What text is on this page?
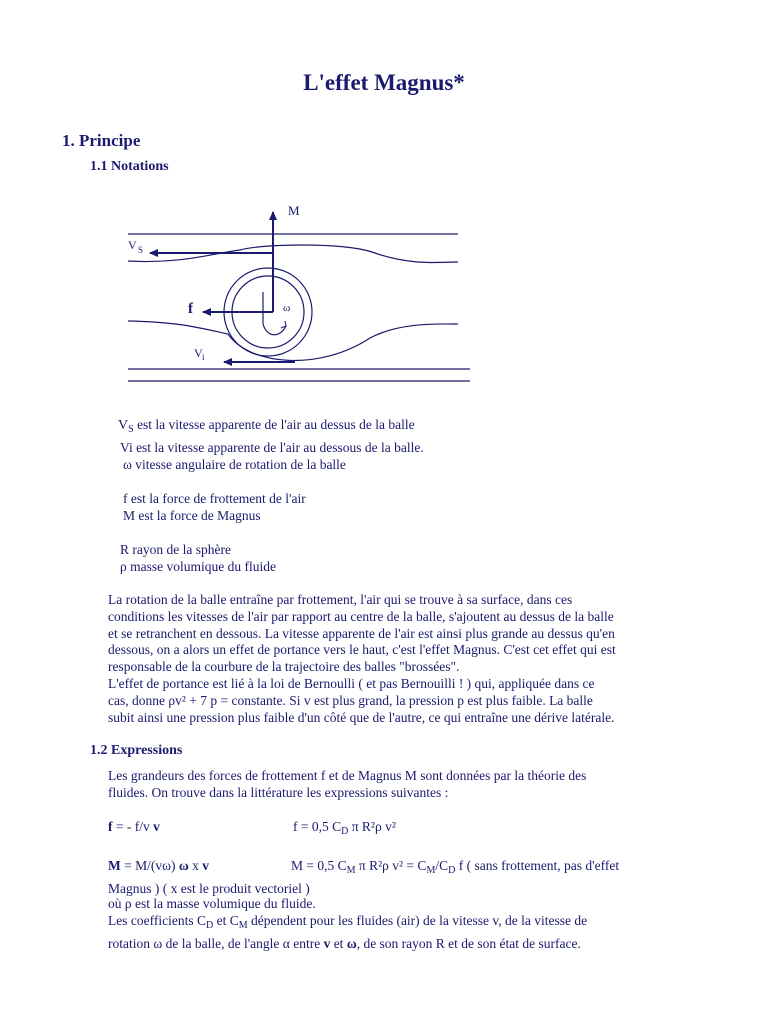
L'effet Magnus*
1. Principe
1.1 Notations
M
V S
f	ω
V i
$V_S$ est la vitesse apparente de l'air au dessus de la balle
Vi est la vitesse apparente de l'air au dessous de la balle.
ω vitesse angulaire de rotation de la balle
f est la force de frottement de l'air
M est la force de Magnus
R rayon de la sphère
ρ masse volumique du fluide
La rotation de la balle entraîne par frottement, l'air qui se trouve à sa surface, dans ces
conditions les vitesses de l'air par rapport au centre de la balle, s'ajoutent au dessus de la balle
et se retranchent en dessous. La vitesse apparente de l'air est ainsi plus grande au dessus qu'en
dessous, on a alors un effet de portance vers le haut, c'est l'effet Magnus. C'est cet effet qui est
responsable de la courbure de la trajectoire des balles "brossées".
L'effet de portance est lié à la loi de Bernoulli ( et pas Bernouilli ! ) qui, appliquée dans ce
cas, donne ρv² + 7 p = constante. Si v est plus grand, la pression p est plus faible. La balle
subit ainsi une pression plus faible d'un côté que de l'autre, ce qui entraîne une dérive latérale.
1.2 Expressions
Les grandeurs des forces de frottement f et de Magnus M sont données par la théorie des
fluides. On trouve dans la littérature les expressions suivantes :
f = - f/v v	f = 0,5 $C_D$ π R²ρ v²
M = M/(vω) ω x v	M = 0,5 $C_M$ π R²ρ $v^2 = C_M/C_D$ f ( sans frottement, pas d'effet
Magnus ) ( x est le produit vectoriel )
où ρ est la masse volumique du fluide.
Les coefficients $C_D$ et $C_M$ dépendent pour les fluides (air) de la vitesse v, de la vitesse de
rotation ω de la balle, de l'angle α entre v et ω, de son rayon R et de son état de surface.
